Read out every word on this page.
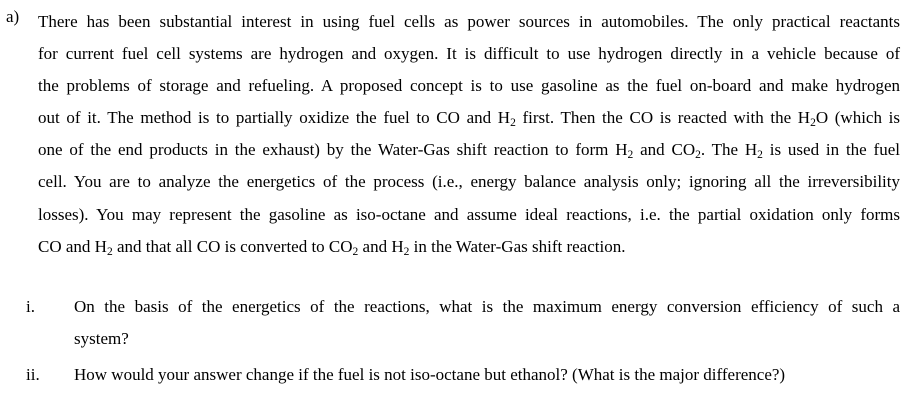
a) There has been substantial interest in using fuel cells as power sources in automobiles. The only practical reactants
for current fuel cell systems are hydrogen and oxygen. It is difficult to use hydrogen directly in a vehicle because of
the problems of storage and refueling. A proposed concept is to use gasoline as the fuel on-board and make hydrogen
out of it. The method is to partially oxidize the fuel to CO and H2 first. Then the CO is reacted with the H2O (which is
one of the end products in the exhaust) by the Water-Gas shift reaction to form H2 and CO2. The H2 is used in the fuel
cell. You are to analyze the energetics of the process (i.e., energy balance analysis only; ignoring all the irreversibility
losses). You may represent the gasoline as iso-octane and assume ideal reactions, i.e. the partial oxidation only forms
CO and H2 and that all CO is converted to CO2 and H2 in the Water-Gas shift reaction.
i.	On the basis of the energetics of the reactions, what is the maximum energy conversion efficiency of such a
system?
ii.	How would your answer change if the fuel is not iso-octane but ethanol? (What is the major difference?)
